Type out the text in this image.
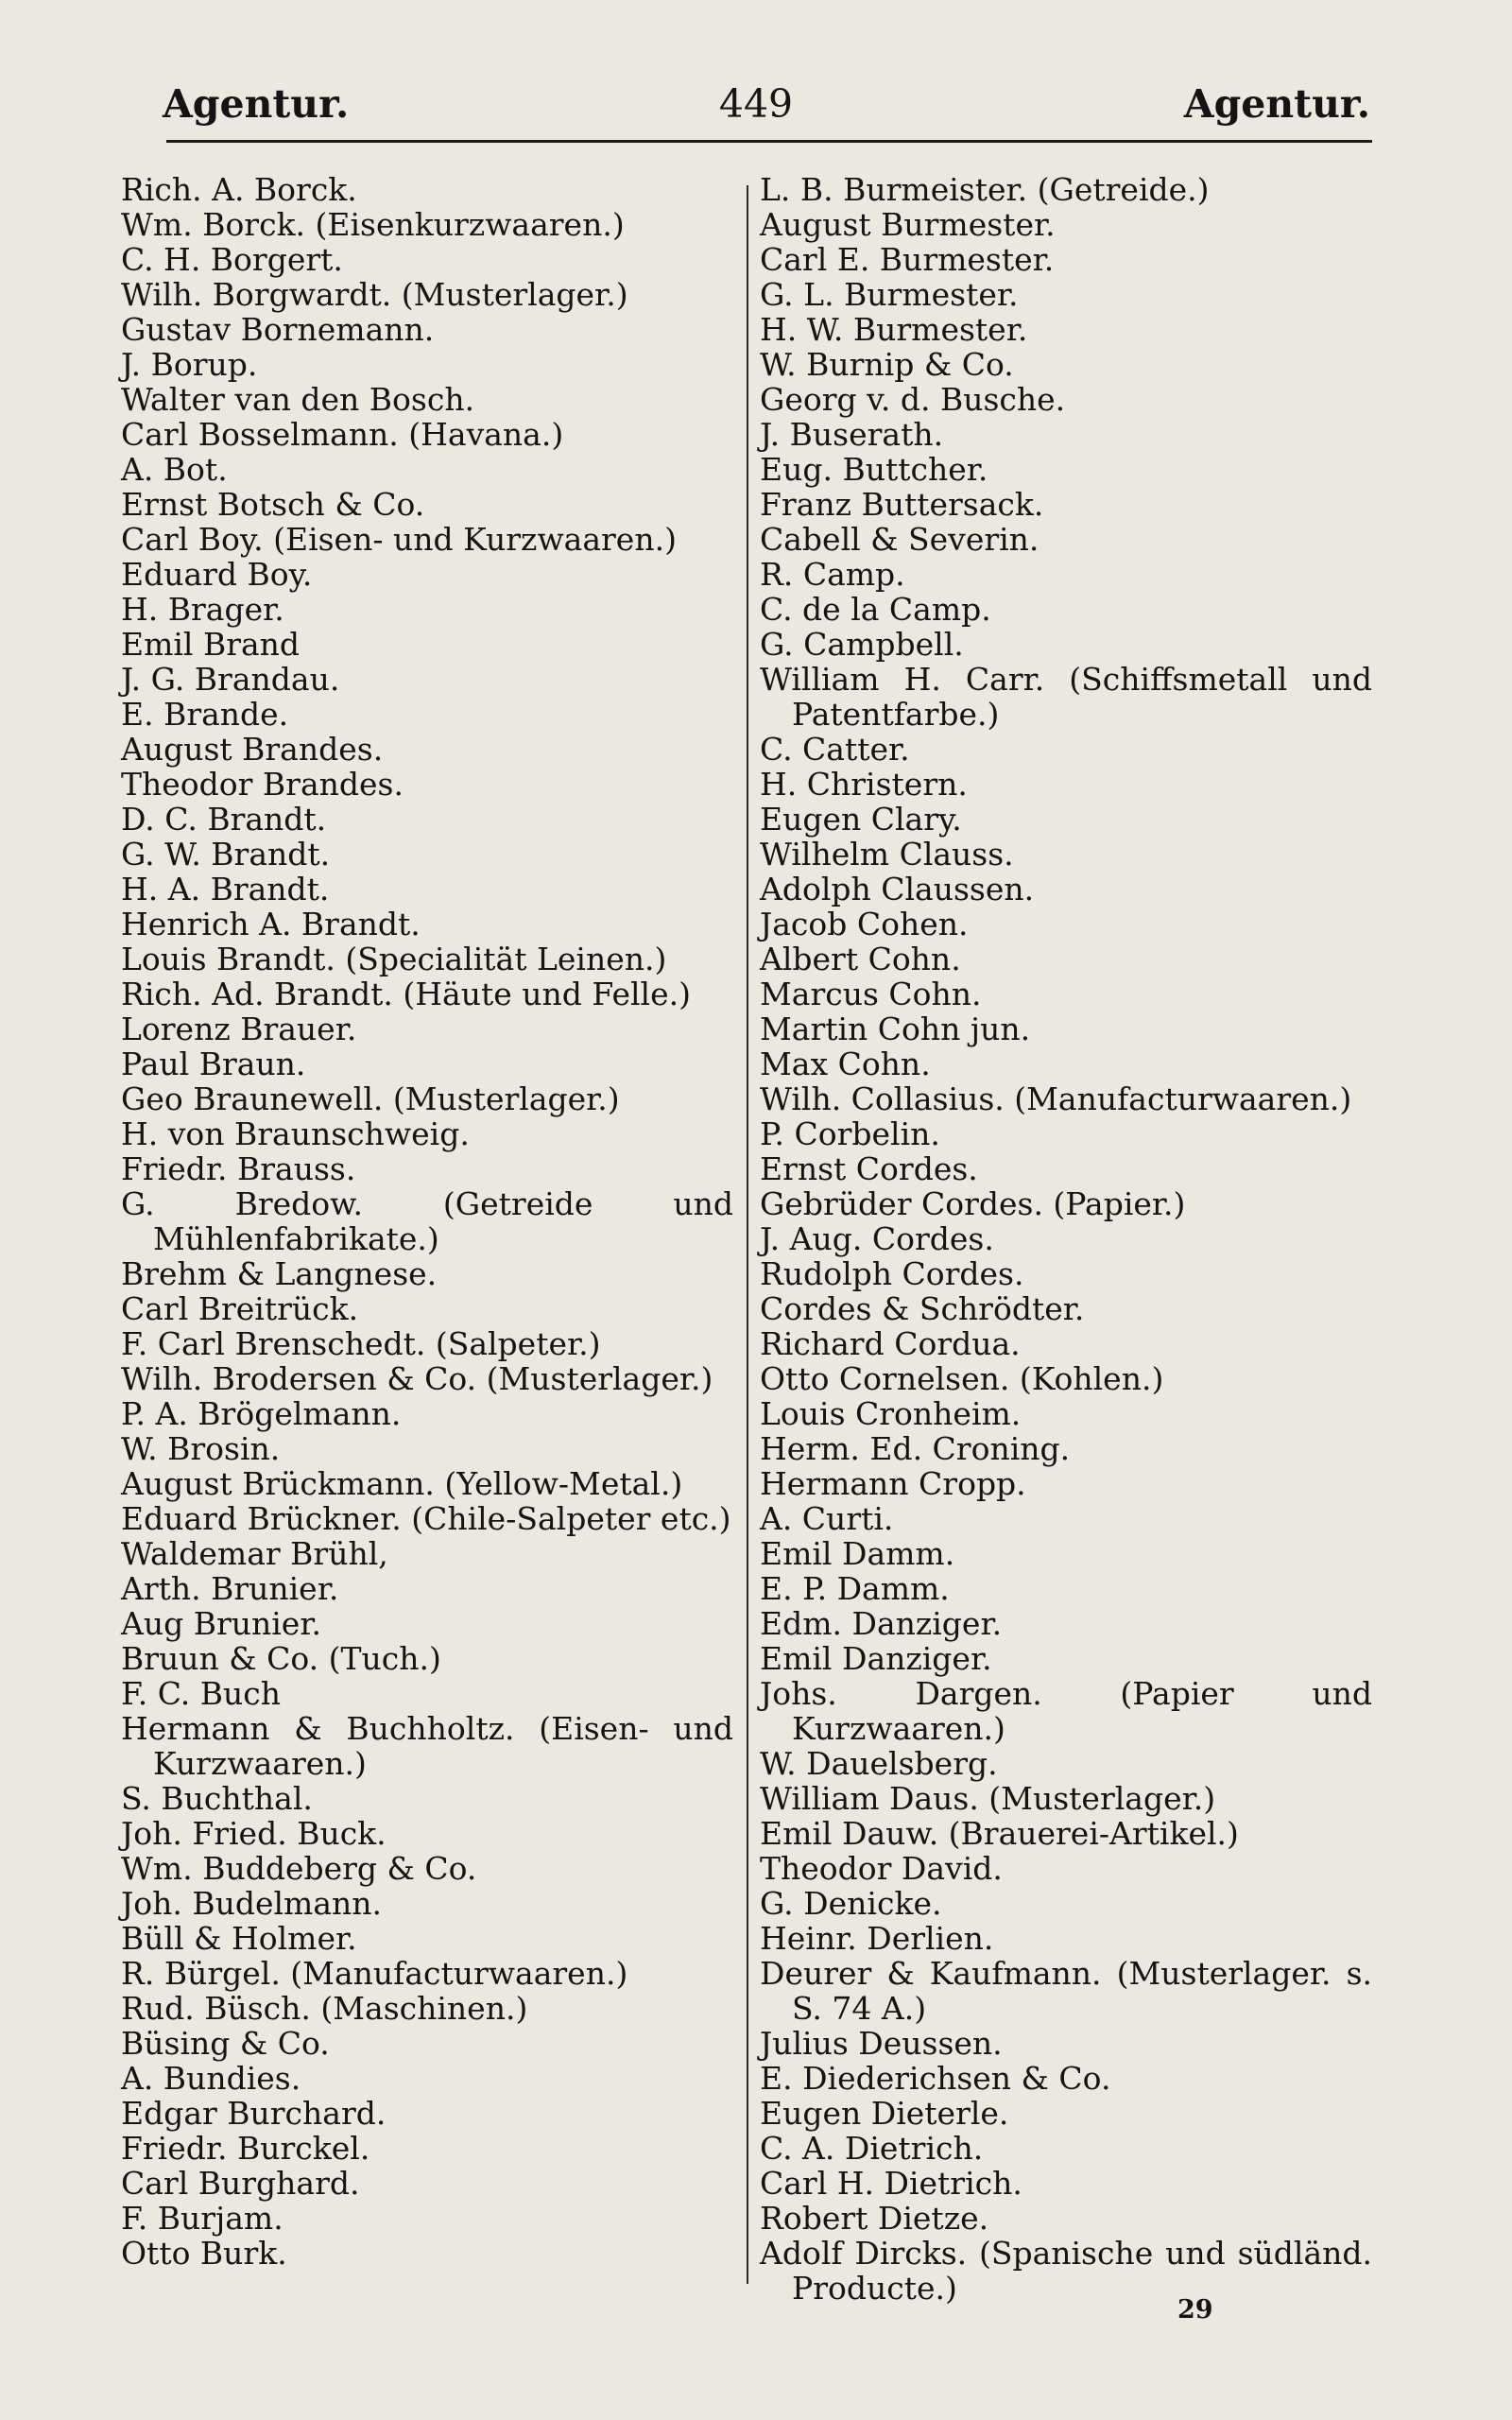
Agentur.	449	Agentur.
Rich. A. Borck.
Wm. Borck. (Eisenkurzwaaren.)
C. H. Borgert.
Wilh. Borgwardt. (Musterlager.)
Gustav Bornemann.
J. Borup.
Walter van den Bosch.
Carl Bosselmann. (Havana.)
A. Bot.
Ernst Botsch & Co.
Carl Boy. (Eisen- und Kurzwaaren.)
Eduard Boy.
H. Brager.
Emil Brand
J. G. Brandau.
E. Brande.
August Brandes.
Theodor Brandes.
D. C. Brandt.
G. W. Brandt.
H. A. Brandt.
Henrich A. Brandt.
Louis Brandt. (Specialität Leinen.)
Rich. Ad. Brandt. (Häute und Felle.)
Lorenz Brauer.
Paul Braun.
Geo Braunewell. (Musterlager.)
H. von Braunschweig.
Friedr. Brauss.
G. Bredow. (Getreide und Mühlenfabrikate.)
Brehm & Langnese.
Carl Breitrück.
F. Carl Brenschedt. (Salpeter.)
Wilh. Brodersen & Co. (Musterlager.)
P. A. Brögelmann.
W. Brosin.
August Brückmann. (Yellow-Metal.)
Eduard Brückner. (Chile-Salpeter etc.)
Waldemar Brühl,
Arth. Brunier.
Aug Brunier.
Bruun & Co. (Tuch.)
F. C. Buch
Hermann & Buchholtz. (Eisen- und Kurzwaaren.)
S. Buchthal.
Joh. Fried. Buck.
Wm. Buddeberg & Co.
Joh. Budelmann.
Büll & Holmer.
R. Bürgel. (Manufacturwaaren.)
Rud. Büsch. (Maschinen.)
Büsing & Co.
A. Bundies.
Edgar Burchard.
Friedr. Burckel.
Carl Burghard.
F. Burjam.
Otto Burk.
L. B. Burmeister. (Getreide.)
August Burmester.
Carl E. Burmester.
G. L. Burmester.
H. W. Burmester.
W. Burnip & Co.
Georg v. d. Busche.
J. Buserath.
Eug. Buttcher.
Franz Buttersack.
Cabell & Severin.
R. Camp.
C. de la Camp.
G. Campbell.
William H. Carr. (Schiffsmetall und Patentfarbe.)
C. Catter.
H. Christern.
Eugen Clary.
Wilhelm Clauss.
Adolph Claussen.
Jacob Cohen.
Albert Cohn.
Marcus Cohn.
Martin Cohn jun.
Max Cohn.
Wilh. Collasius. (Manufacturwaaren.)
P. Corbelin.
Ernst Cordes.
Gebrüder Cordes. (Papier.)
J. Aug. Cordes.
Rudolph Cordes.
Cordes & Schrödter.
Richard Cordua.
Otto Cornelsen. (Kohlen.)
Louis Cronheim.
Herm. Ed. Croning.
Hermann Cropp.
A. Curti.
Emil Damm.
E. P. Damm.
Edm. Danziger.
Emil Danziger.
Johs. Dargen. (Papier und Kurzwaaren.)
W. Dauelsberg.
William Daus. (Musterlager.)
Emil Dauw. (Brauerei-Artikel.)
Theodor David.
G. Denicke.
Heinr. Derlien.
Deurer & Kaufmann. (Musterlager. s. S. 74 A.)
Julius Deussen.
E. Diederichsen & Co.
Eugen Dieterle.
C. A. Dietrich.
Carl H. Dietrich.
Robert Dietze.
Adolf Dircks. (Spanische und südländ. Producte.)
29
